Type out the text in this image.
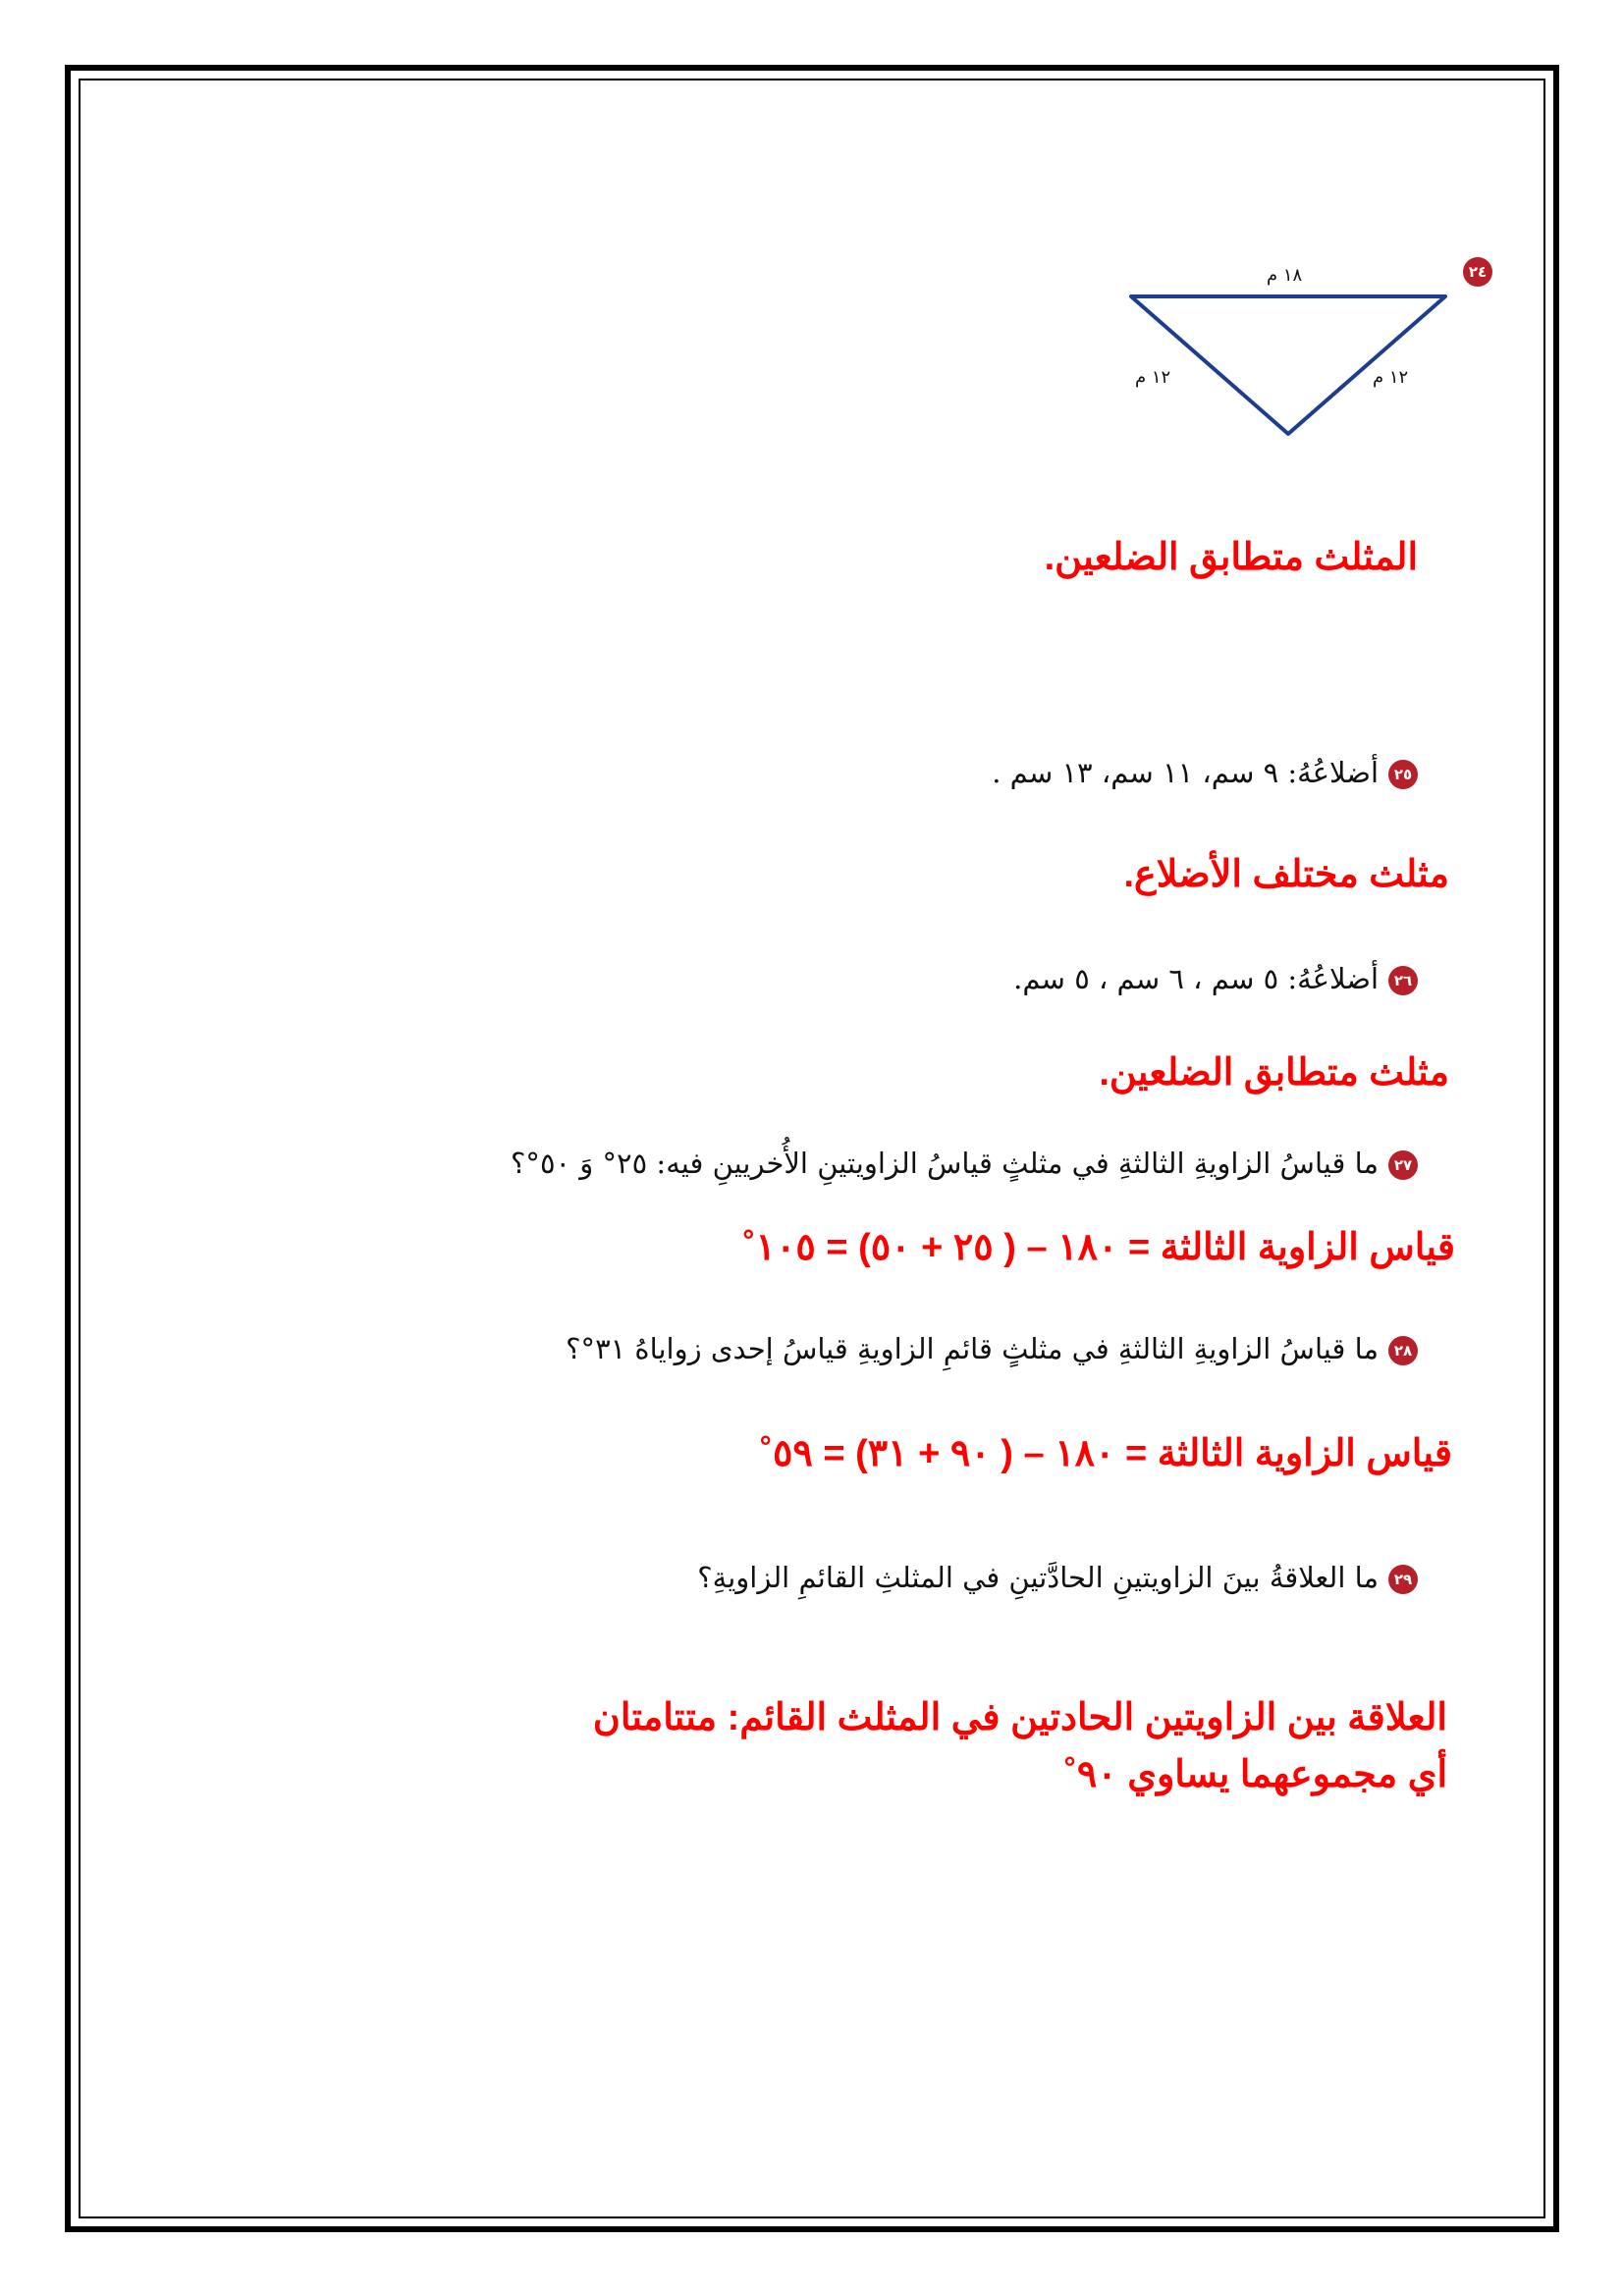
٢٤
١٨ م
١٢ م	١٢ م
المثلث متطابق الضلعين.
٢٥أضلاعُهُ: ٩ سم، ١١ سم، ١٣ سم .
مثلث مختلف الأضلاع.
٢٦أضلاعُهُ: ٥ سم ، ٦ سم ، ٥ سم.
مثلث متطابق الضلعين.
٢٧ما قياسُ الزاويةِ الثالثةِ في مثلثٍ قياسُ الزاويتينِ الأُخريينِ فيه: ٢٥° وَ ٥٠°؟
قياس الزاوية الثالثة = ١٨٠ – ( ٢٥ + ٥٠) = ١٠٥˚
٢٨ما قياسُ الزاويةِ الثالثةِ في مثلثٍ قائمِ الزاويةِ قياسُ إحدى زواياهُ ٣١°؟
قياس الزاوية الثالثة = ١٨٠ – ( ٩٠ + ٣١) = ٥٩˚
٢٩ما العلاقةُ بينَ الزاويتينِ الحادَّتينِ في المثلثِ القائمِ الزاويةِ؟
العلاقة بين الزاويتين الحادتين في المثلث القائم: متتامتان
أي مجموعهما يساوي ٩٠˚
